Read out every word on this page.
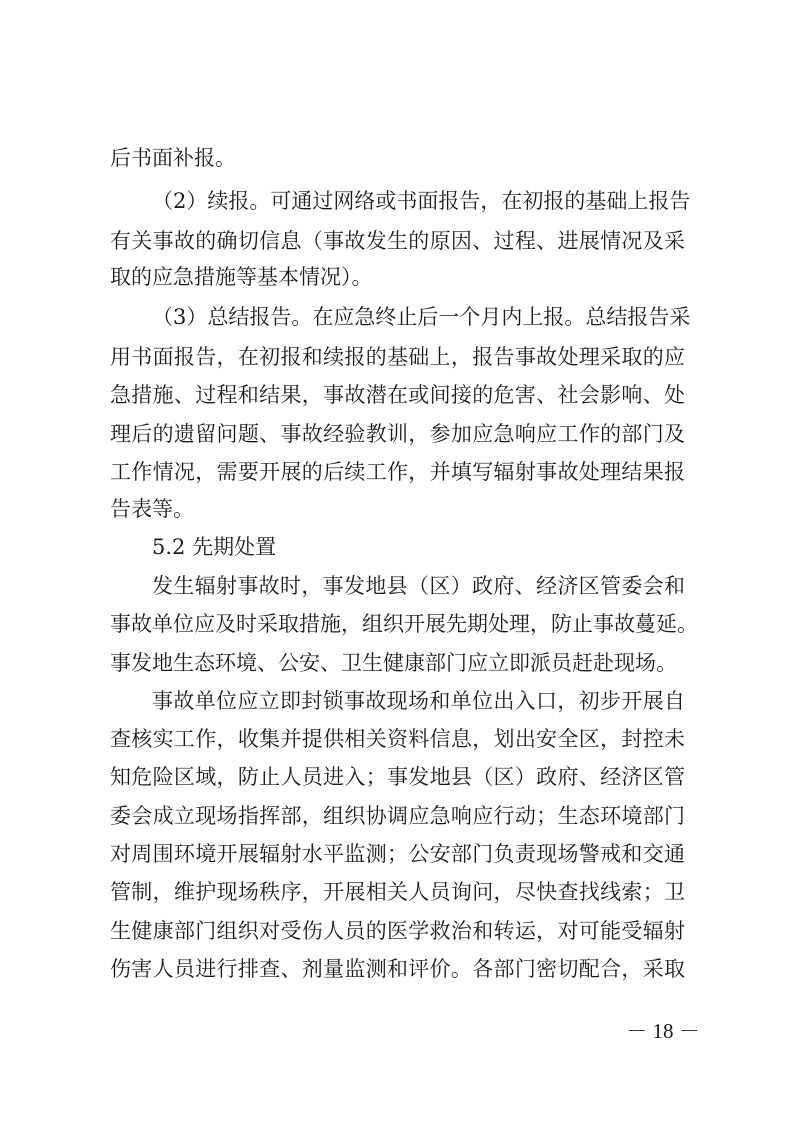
后书面补报。
（2）续报。可通过网络或书面报告，在初报的基础上报告
有关事故的确切信息（事故发生的原因、过程、进展情况及采
取的应急措施等基本情况）。
（3）总结报告。在应急终止后一个月内上报。总结报告采
用书面报告，在初报和续报的基础上，报告事故处理采取的应
急措施、过程和结果，事故潜在或间接的危害、社会影响、处
理后的遗留问题、事故经验教训，参加应急响应工作的部门及
工作情况，需要开展的后续工作，并填写辐射事故处理结果报
告表等。
5.2 先期处置
发生辐射事故时，事发地县（区）政府、经济区管委会和
事故单位应及时采取措施，组织开展先期处理，防止事故蔓延。
事发地生态环境、公安、卫生健康部门应立即派员赶赴现场。
事故单位应立即封锁事故现场和单位出入口，初步开展自
查核实工作，收集并提供相关资料信息，划出安全区，封控未
知危险区域，防止人员进入；事发地县（区）政府、经济区管
委会成立现场指挥部，组织协调应急响应行动；生态环境部门
对周围环境开展辐射水平监测；公安部门负责现场警戒和交通
管制，维护现场秩序，开展相关人员询问，尽快查找线索；卫
生健康部门组织对受伤人员的医学救治和转运，对可能受辐射
伤害人员进行排查、剂量监测和评价。各部门密切配合，采取
－ 18 －
